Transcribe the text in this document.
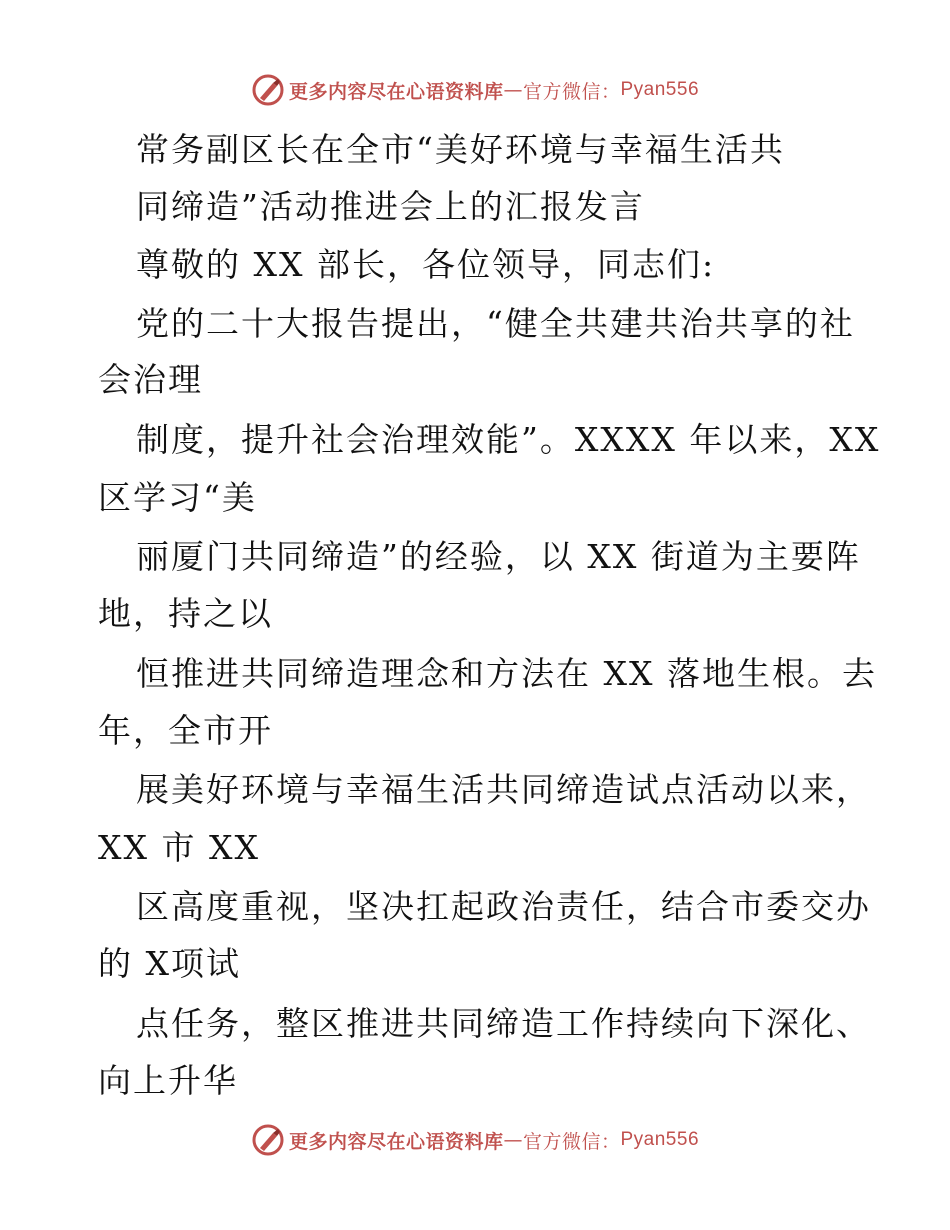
更多内容尽在心语资料库 — 官方微信： Pyan556
常务副区长在全市“美好环境与幸福生活共
同缔造”活动推进会上的汇报发言
尊敬的 XX 部长，各位领导，同志们:
党的二十大报告提出，“健全共建共治共享的社
会治理
制度，提升社会治理效能”。XXXX 年以来，XX
区学习“美
丽厦门共同缔造”的经验，以 XX 街道为主要阵
地，持之以
恒推进共同缔造理念和方法在 XX 落地生根。去
年，全市开
展美好环境与幸福生活共同缔造试点活动以来，
XX 市 XX
区高度重视，坚决扛起政治责任，结合市委交办
的 X项试
点任务，整区推进共同缔造工作持续向下深化、
向上升华
更多内容尽在心语资料库 — 官方微信： Pyan556
